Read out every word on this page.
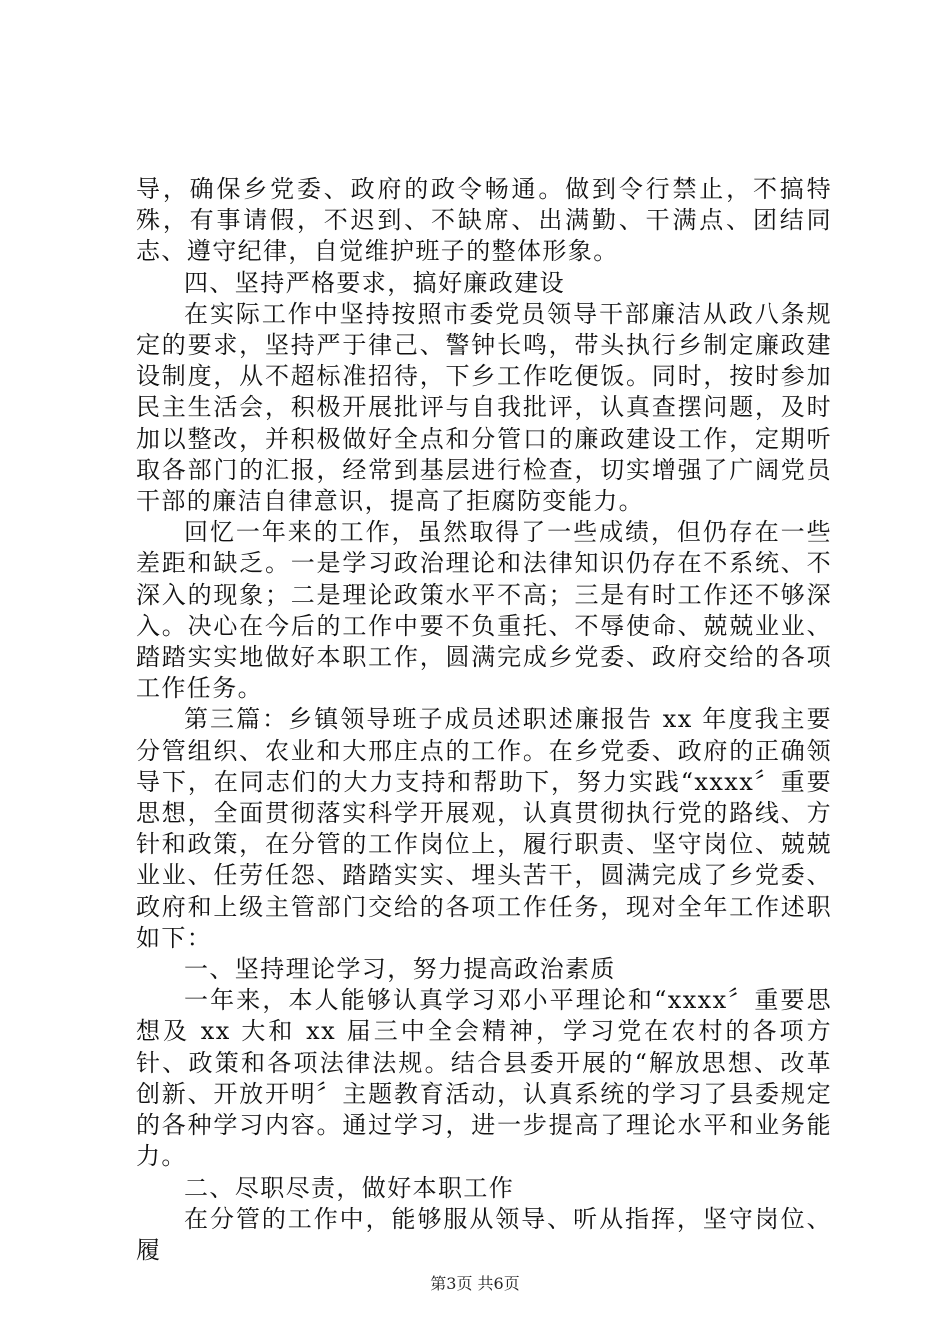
导，确保乡党委、政府的政令畅通。做到令行禁止，不搞特殊，有事请假，不迟到、不缺席、出满勤、干满点、团结同志、遵守纪律，自觉维护班子的整体形象。

四、坚持严格要求，搞好廉政建设

在实际工作中坚持按照市委党员领导干部廉洁从政八条规定的要求，坚持严于律己、警钟长鸣，带头执行乡制定廉政建设制度，从不超标准招待，下乡工作吃便饭。同时，按时参加民主生活会，积极开展批评与自我批评，认真查摆问题，及时加以整改，并积极做好全点和分管口的廉政建设工作，定期听取各部门的汇报，经常到基层进行检查，切实增强了广阔党员干部的廉洁自律意识，提高了拒腐防变能力。

回忆一年来的工作，虽然取得了一些成绩，但仍存在一些差距和缺乏。一是学习政治理论和法律知识仍存在不系统、不深入的现象；二是理论政策水平不高；三是有时工作还不够深入。决心在今后的工作中要不负重托、不辱使命、兢兢业业、踏踏实实地做好本职工作，圆满完成乡党委、政府交给的各项工作任务。

第三篇：乡镇领导班子成员述职述廉报告 xx 年度我主要分管组织、农业和大邢庄点的工作。在乡党委、政府的正确领导下，在同志们的大力支持和帮助下，努力实践“xxxx〞重要思想，全面贯彻落实科学开展观，认真贯彻执行党的路线、方针和政策，在分管的工作岗位上，履行职责、坚守岗位、兢兢业业、任劳任怨、踏踏实实、埋头苦干，圆满完成了乡党委、政府和上级主管部门交给的各项工作任务，现对全年工作述职如下：

一、坚持理论学习，努力提高政治素质

一年来，本人能够认真学习邓小平理论和“xxxx〞重要思想及 xx 大和 xx 届三中全会精神，学习党在农村的各项方针、政策和各项法律法规。结合县委开展的“解放思想、改革创新、开放开明〞主题教育活动，认真系统的学习了县委规定的各种学习内容。通过学习，进一步提高了理论水平和业务能力。

二、尽职尽责，做好本职工作

在分管的工作中，能够服从领导、听从指挥，坚守岗位、履

第3页 共6页
